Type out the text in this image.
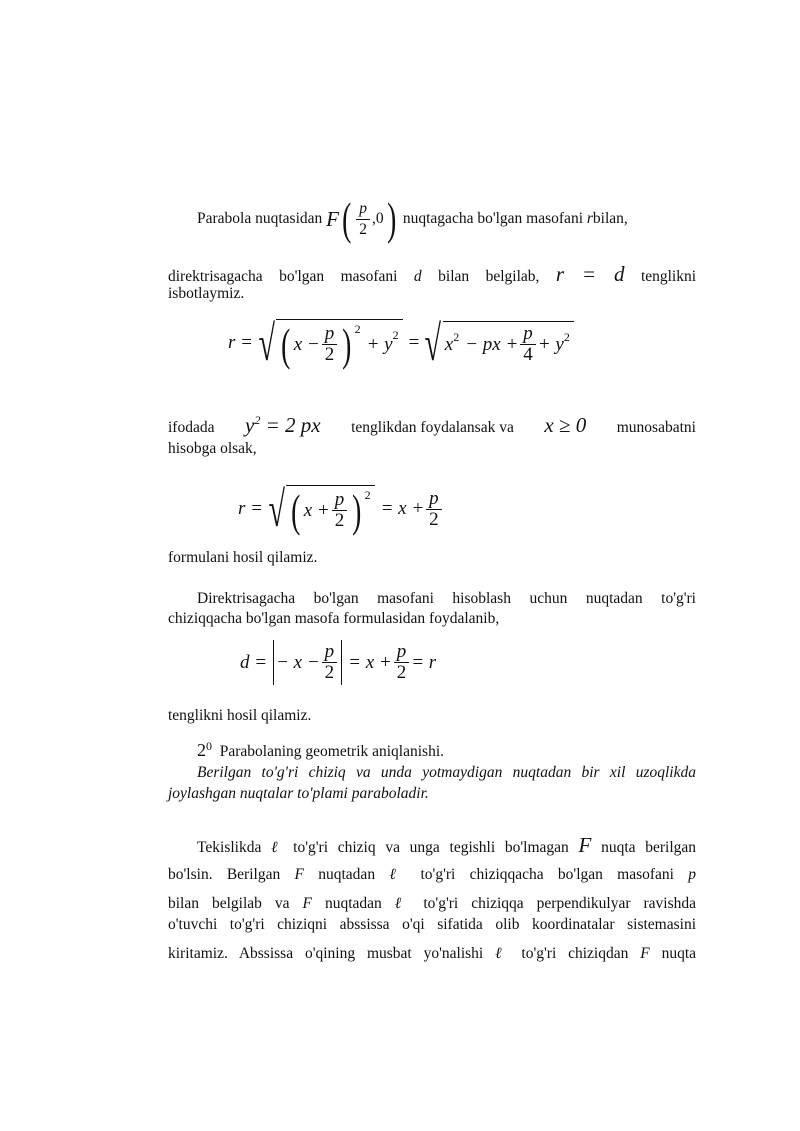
Parabola nuqtasidan
F ( $\frac{p}{2} ,0$ )
nuqtagacha bo'lgan masofani
r bilan,
direktrisagacha bo'lgan masofani d bilan belgilab, r = d tenglikni
isbotlaymiz.
r = √ ( $x - \frac{p}{2}$ ) $^2$
+ $y^2$ = √ $x^2$ − px + $\frac{p}{4} + y^2$
ifodada $y^2 = 2$ px tenglikdan foydalansak va x ≥ 0 munosabatni
hisobga olsak,
r = √ ( $x + \frac{p}{2}$ ) $^2$
= $x + \frac{p}{2}$
formulani hosil qilamiz.
Direktrisagacha bo'lgan masofani hisoblash uchun nuqtadan to'g'ri
chiziqqacha bo'lgan masofa formulasidan foydalanib,
d = − $x - \frac{p}{2} = x + \frac{p}{2} = r$
tenglikni hosil qilamiz.
$2^0$ Parabolaning geometrik aniqlanishi.
Berilgan to'g'ri chiziq va unda yotmaydigan nuqtadan bir xil uzoqlikda
joylashgan nuqtalar to'plami paraboladir.
Tekislikda ℓ to'g'ri chiziq va unga tegishli bo'lmagan F nuqta berilgan
bo'lsin. Berilgan F nuqtadan ℓ to'g'ri chiziqqacha bo'lgan masofani p
bilan belgilab va F nuqtadan ℓ to'g'ri chiziqqa perpendikulyar ravishda
o'tuvchi to'g'ri chiziqni abssissa o'qi sifatida olib koordinatalar sistemasini
kiritamiz. Abssissa o'qining musbat yo'nalishi ℓ to'g'ri chiziqdan F nuqta
